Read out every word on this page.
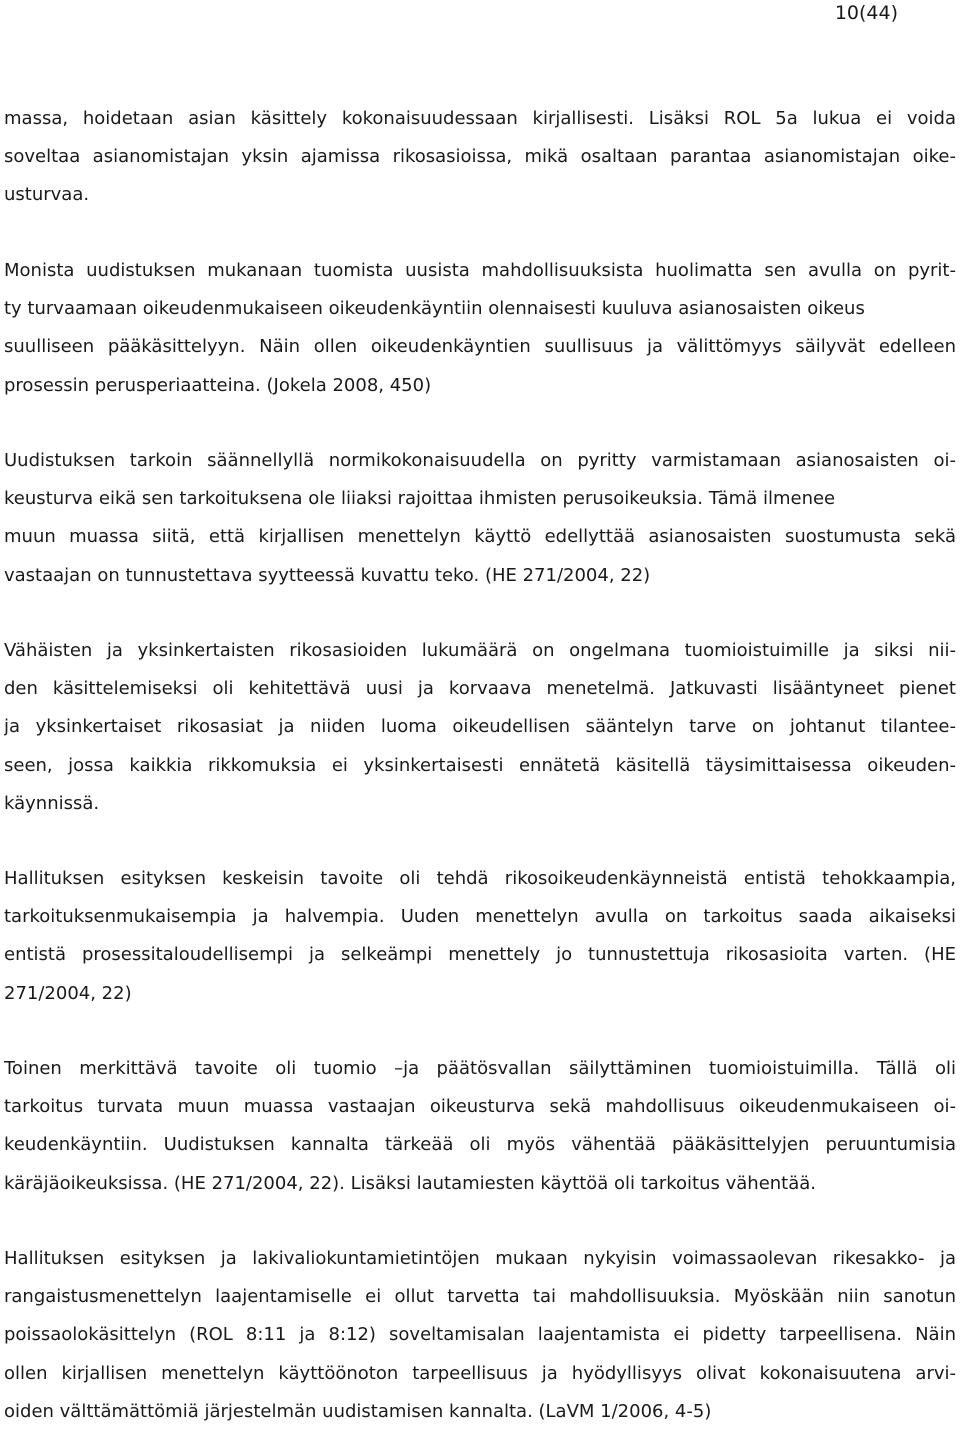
10(44)
massa, hoidetaan asian käsittely kokonaisuudessaan kirjallisesti. Lisäksi ROL 5a lukua ei voida
soveltaa asianomistajan yksin ajamissa rikosasioissa, mikä osaltaan parantaa asianomistajan oike-
usturvaa.
Monista uudistuksen mukanaan tuomista uusista mahdollisuuksista huolimatta sen avulla on pyrit-
ty turvaamaan oikeudenmukaiseen oikeudenkäyntiin olennaisesti kuuluva asianosaisten oikeus
suulliseen pääkäsittelyyn. Näin ollen oikeudenkäyntien suullisuus ja välittömyys säilyvät edelleen
prosessin perusperiaatteina. (Jokela 2008, 450)
Uudistuksen tarkoin säännellyllä normikokonaisuudella on pyritty varmistamaan asianosaisten oi-
keusturva eikä sen tarkoituksena ole liiaksi rajoittaa ihmisten perusoikeuksia. Tämä ilmenee
muun muassa siitä, että kirjallisen menettelyn käyttö edellyttää asianosaisten suostumusta sekä
vastaajan on tunnustettava syytteessä kuvattu teko. (HE 271/2004, 22)
Vähäisten ja yksinkertaisten rikosasioiden lukumäärä on ongelmana tuomioistuimille ja siksi nii-
den käsittelemiseksi oli kehitettävä uusi ja korvaava menetelmä. Jatkuvasti lisääntyneet pienet
ja yksinkertaiset rikosasiat ja niiden luoma oikeudellisen sääntelyn tarve on johtanut tilantee-
seen, jossa kaikkia rikkomuksia ei yksinkertaisesti ennätetä käsitellä täysimittaisessa oikeuden-
käynnissä.
Hallituksen esityksen keskeisin tavoite oli tehdä rikosoikeudenkäynneistä entistä tehokkaampia,
tarkoituksenmukaisempia ja halvempia. Uuden menettelyn avulla on tarkoitus saada aikaiseksi
entistä prosessitaloudellisempi ja selkeämpi menettely jo tunnustettuja rikosasioita varten. (HE
271/2004, 22)
Toinen merkittävä tavoite oli tuomio –ja päätösvallan säilyttäminen tuomioistuimilla. Tällä oli
tarkoitus turvata muun muassa vastaajan oikeusturva sekä mahdollisuus oikeudenmukaiseen oi-
keudenkäyntiin. Uudistuksen kannalta tärkeää oli myös vähentää pääkäsittelyjen peruuntumisia
käräjäoikeuksissa. (HE 271/2004, 22). Lisäksi lautamiesten käyttöä oli tarkoitus vähentää.
Hallituksen esityksen ja lakivaliokuntamietintöjen mukaan nykyisin voimassaolevan rikesakko- ja
rangaistusmenettelyn laajentamiselle ei ollut tarvetta tai mahdollisuuksia. Myöskään niin sanotun
poissaolokäsittelyn (ROL 8:11 ja 8:12) soveltamisalan laajentamista ei pidetty tarpeellisena. Näin
ollen kirjallisen menettelyn käyttöönoton tarpeellisuus ja hyödyllisyys olivat kokonaisuutena arvi-
oiden välttämättömiä järjestelmän uudistamisen kannalta. (LaVM 1/2006, 4-5)
